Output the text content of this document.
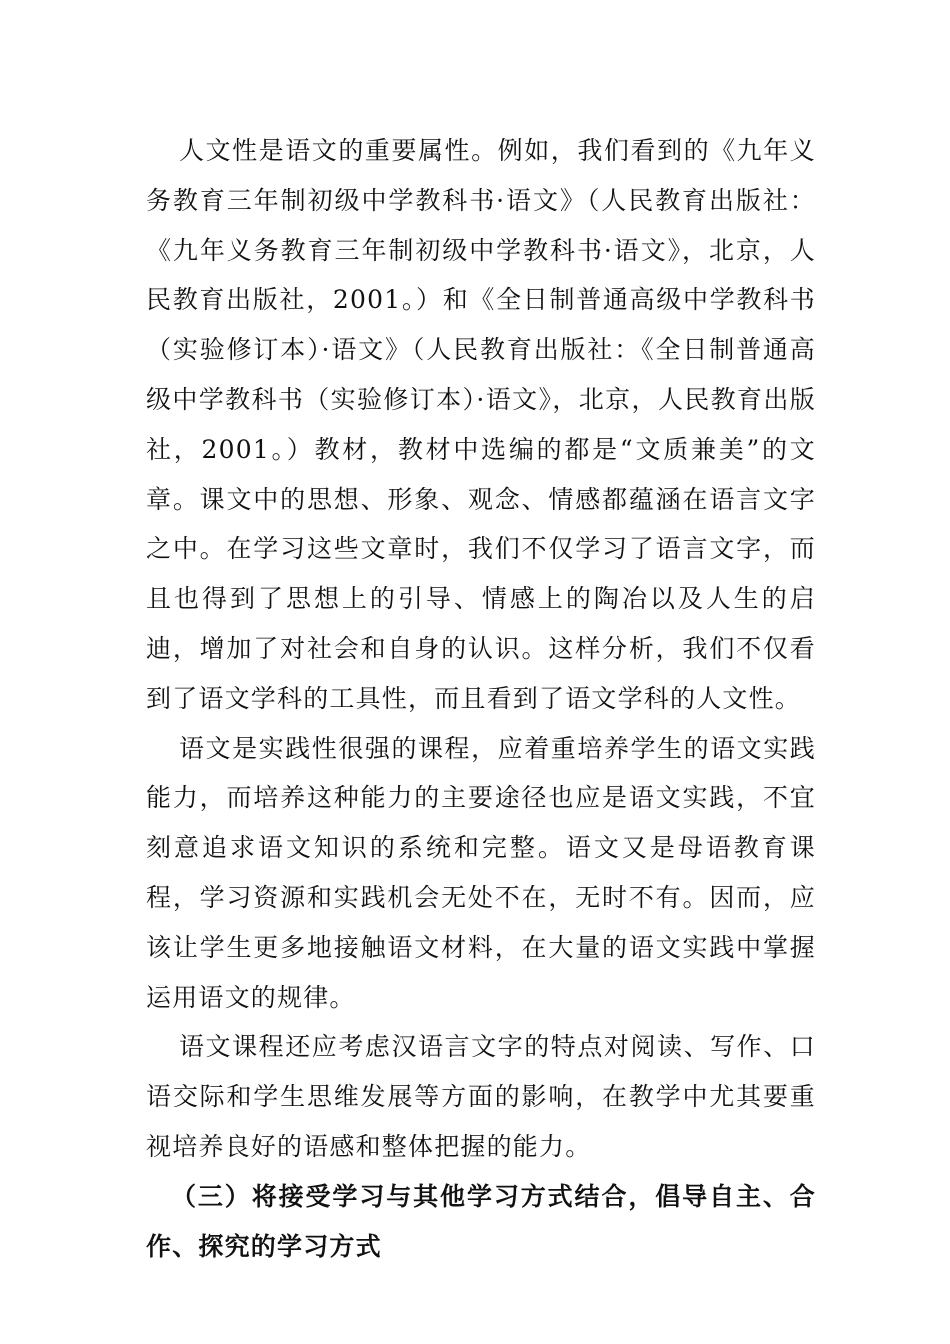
人文性是语文的重要属性。例如，我们看到的《九年义务教育三年制初级中学教科书·语文》（人民教育出版社：《九年义务教育三年制初级中学教科书·语文》，北京，人民教育出版社，2001。）和《全日制普通高级中学教科书（实验修订本）·语文》（人民教育出版社：《全日制普通高级中学教科书（实验修订本）·语文》，北京，人民教育出版社，2001。）教材，教材中选编的都是“文质兼美”的文章。课文中的思想、形象、观念、情感都蕴涵在语言文字之中。在学习这些文章时，我们不仅学习了语言文字，而且也得到了思想上的引导、情感上的陶冶以及人生的启迪，增加了对社会和自身的认识。这样分析，我们不仅看到了语文学科的工具性，而且看到了语文学科的人文性。

语文是实践性很强的课程，应着重培养学生的语文实践能力，而培养这种能力的主要途径也应是语文实践，不宜刻意追求语文知识的系统和完整。语文又是母语教育课程，学习资源和实践机会无处不在，无时不有。因而，应该让学生更多地接触语文材料，在大量的语文实践中掌握运用语文的规律。

语文课程还应考虑汉语言文字的特点对阅读、写作、口语交际和学生思维发展等方面的影响，在教学中尤其要重视培养良好的语感和整体把握的能力。

（三）将接受学习与其他学习方式结合，倡导自主、合作、探究的学习方式
